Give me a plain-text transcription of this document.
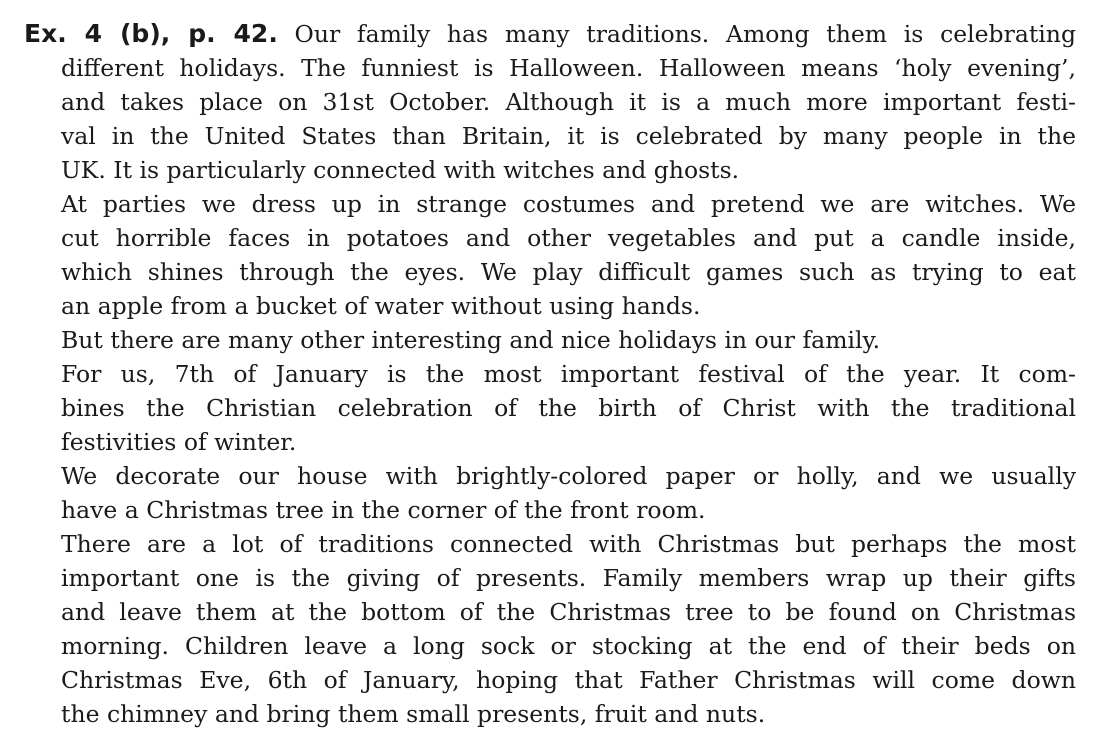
Ex. 4 (b), p. 42. Our family has many traditions. Among them is celebrating

different holidays. The funniest is Halloween. Halloween means ‘holy evening’,

and takes place on 31st October. Although it is a much more important festi-

val in the United States than Britain, it is celebrated by many people in the

UK. It is particularly connected with witches and ghosts.

At parties we dress up in strange costumes and pretend we are witches. We

cut horrible faces in potatoes and other vegetables and put a candle inside,

which shines through the eyes. We play difficult games such as trying to eat

an apple from a bucket of water without using hands.

But there are many other interesting and nice holidays in our family.

For us, 7th of January is the most important festival of the year. It com-

bines the Christian celebration of the birth of Christ with the traditional

festivities of winter.

We decorate our house with brightly-colored paper or holly, and we usually

have a Christmas tree in the corner of the front room.

There are a lot of traditions connected with Christmas but perhaps the most

important one is the giving of presents. Family members wrap up their gifts

and leave them at the bottom of the Christmas tree to be found on Christmas

morning. Children leave a long sock or stocking at the end of their beds on

Christmas Eve, 6th of January, hoping that Father Christmas will come down

the chimney and bring them small presents, fruit and nuts.
